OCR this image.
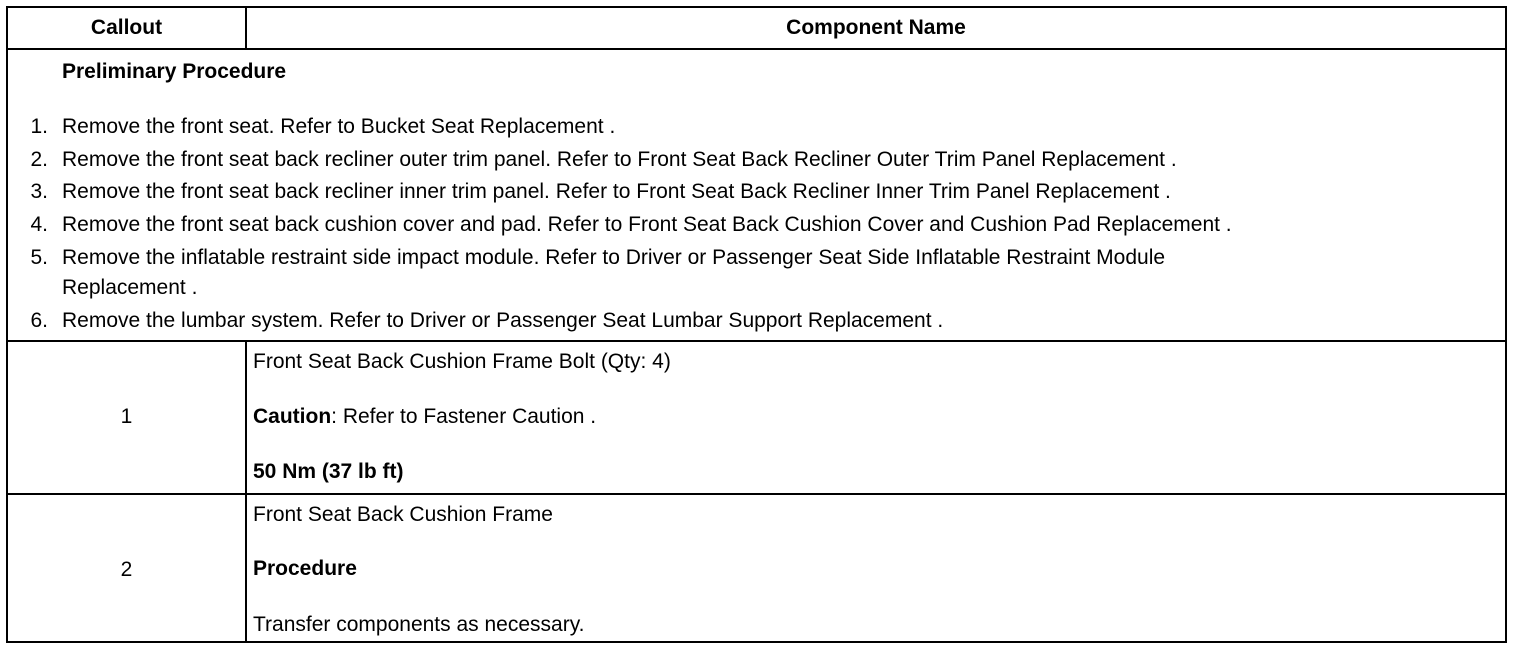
Callout	Component Name
Preliminary Procedure
1. Remove the front seat. Refer to Bucket Seat Replacement .
2. Remove the front seat back recliner outer trim panel. Refer to Front Seat Back Recliner Outer Trim Panel Replacement .
3. Remove the front seat back recliner inner trim panel. Refer to Front Seat Back Recliner Inner Trim Panel Replacement .
4. Remove the front seat back cushion cover and pad. Refer to Front Seat Back Cushion Cover and Cushion Pad Replacement .
5. Remove the inflatable restraint side impact module. Refer to Driver or Passenger Seat Side Inflatable Restraint Module
Replacement .
6. Remove the lumbar system. Refer to Driver or Passenger Seat Lumbar Support Replacement .
1
Front Seat Back Cushion Frame Bolt (Qty: 4)
Caution: Refer to Fastener Caution .
50 Nm (37 lb ft)
2
Front Seat Back Cushion Frame
Procedure
Transfer components as necessary.
